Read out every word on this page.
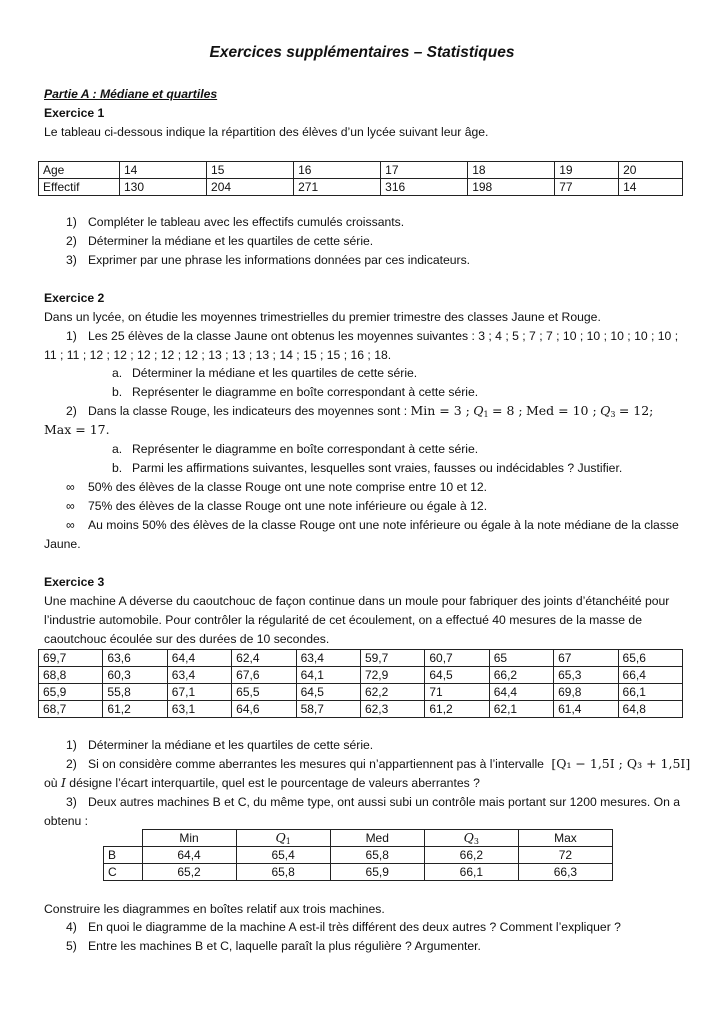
Exercices supplémentaires – Statistiques
Partie A : Médiane et quartiles
Exercice 1
Le tableau ci-dessous indique la répartition des élèves d’un lycée suivant leur âge.
Age	14	15	16	17	18	19	20
Effectif	130	204	271	316	198	77	14
1) Compléter le tableau avec les effectifs cumulés croissants.
2) Déterminer la médiane et les quartiles de cette série.
3) Exprimer par une phrase les informations données par ces indicateurs.
Exercice 2
Dans un lycée, on étudie les moyennes trimestrielles du premier trimestre des classes Jaune et Rouge.
1) Les 25 élèves de la classe Jaune ont obtenus les moyennes suivantes : 3 ; 4 ; 5 ; 7 ; 7 ; 10 ; 10 ; 10 ; 10 ; 10 ;
11 ; 11 ; 12 ; 12 ; 12 ; 12 ; 12 ; 13 ; 13 ; 13 ; 14 ; 15 ; 15 ; 16 ; 18.
a. Déterminer la médiane et les quartiles de cette série.
b. Représenter le diagramme en boîte correspondant à cette série.
2) Dans la classe Rouge, les indicateurs des moyennes sont : Min = 3 ; $Q_1 = 8$ ; Med = 10 ; $Q_3 = 12$;
Max = 17.
a. Représenter le diagramme en boîte correspondant à cette série.
b. Parmi les affirmations suivantes, lesquelles sont vraies, fausses ou indécidables ? Justifier.
∞ 50% des élèves de la classe Rouge ont une note comprise entre 10 et 12.
∞ 75% des élèves de la classe Rouge ont une note inférieure ou égale à 12.
∞ Au moins 50% des élèves de la classe Rouge ont une note inférieure ou égale à la note médiane de la classe
Jaune.
Exercice 3
Une machine A déverse du caoutchouc de façon continue dans un moule pour fabriquer des joints d’étanchéité pour
l’industrie automobile. Pour contrôler la régularité de cet écoulement, on a effectué 40 mesures de la masse de
caoutchouc écoulée sur des durées de 10 secondes.
69,7	63,6	64,4	62,4	63,4	59,7	60,7	65	67	65,6
68,8	60,3	63,4	67,6	64,1	72,9	64,5	66,2	65,3	66,4
65,9	55,8	67,1	65,5	64,5	62,2	71	64,4	69,8	66,1
68,7	61,2	63,1	64,6	58,7	62,3	61,2	62,1	61,4	64,8
1) Déterminer la médiane et les quartiles de cette série.
2) Si on considère comme aberrantes les mesures qui n’appartiennent pas à l’intervalle [Q₁ − 1,5I ; Q₃ + 1,5I]
où I désigne l’écart interquartile, quel est le pourcentage de valeurs aberrantes ?
3) Deux autres machines B et C, du même type, ont aussi subi un contrôle mais portant sur 1200 mesures. On a
obtenu :
	Min	$Q_1$	Med	$Q_3$	Max
B	64,4	65,4	65,8	66,2	72
C	65,2	65,8	65,9	66,1	66,3
Construire les diagrammes en boîtes relatif aux trois machines.
4) En quoi le diagramme de la machine A est-il très différent des deux autres ? Comment l’expliquer ?
5) Entre les machines B et C, laquelle paraît la plus régulière ? Argumenter.
